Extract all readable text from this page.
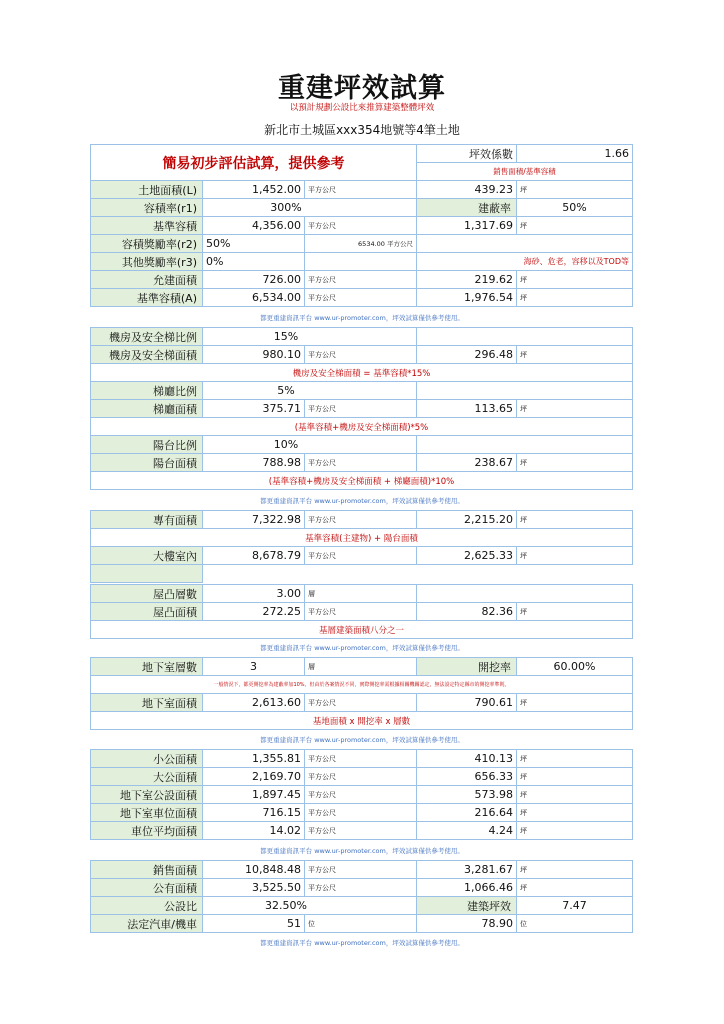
重建坪效試算
以預計規劃公設比來推算建築整體坪效
新北市土城區xxx354地號等4筆土地
簡易初步評估試算，提供參考			坪效係數	1.66
			銷售面積/基準容積	
土地面積(L)	1,452.00	平方公尺	439.23	坪
容積率(r1)	300%		建蔽率	50%
基準容積	4,356.00	平方公尺	1,317.69	坪
容積獎勵率(r2)	50%	6534.00 平方公尺		
其他獎勵率(r3)	0%		海砂、危老，容移以及TOD等	
允建面積	726.00	平方公尺	219.62	坪
基準容積(A)	6,534.00	平方公尺	1,976.54	坪
都更重建資訊平台 www.ur-promoter.com，坪效試算僅供參考使用。
機房及安全梯比例	15%			
機房及安全梯面積	980.10	平方公尺	296.48	坪
機房及安全梯面積 = 基準容積*15%				
梯廳比例	5%			
梯廳面積	375.71	平方公尺	113.65	坪
(基準容積+機房及安全梯面積)*5%				
陽台比例	10%			
陽台面積	788.98	平方公尺	238.67	坪
(基準容積+機房及安全梯面積 + 梯廳面積)*10%				
都更重建資訊平台 www.ur-promoter.com，坪效試算僅供參考使用。
專有面積	7,322.98	平方公尺	2,215.20	坪
基準容積(主建物) + 陽台面積				
大樓室內	8,678.79	平方公尺	2,625.33	坪

屋凸層數	3.00	層		
屋凸面積	272.25	平方公尺	82.36	坪
基層建築面積八分之一				
都更重建資訊平台 www.ur-promoter.com，坪效試算僅供參考使用。
地下室層數	3	層	開挖率	60.00%
一般情況下，都更開挖率為建蔽率加10%，但由於各案情況不同，實際開挖率需根據相關機關認定，無法設定特定縣市的開挖率準則。				
地下室面積	2,613.60	平方公尺	790.61	坪
基地面積 x 開挖率 x 層數				
都更重建資訊平台 www.ur-promoter.com，坪效試算僅供參考使用。
小公面積	1,355.81	平方公尺	410.13	坪
大公面積	2,169.70	平方公尺	656.33	坪
地下室公設面積	1,897.45	平方公尺	573.98	坪
地下室車位面積	716.15	平方公尺	216.64	坪
車位平均面積	14.02	平方公尺	4.24	坪
都更重建資訊平台 www.ur-promoter.com，坪效試算僅供參考使用。
銷售面積	10,848.48	平方公尺	3,281.67	坪
公有面積	3,525.50	平方公尺	1,066.46	坪
公設比	32.50%		建築坪效	7.47
法定汽車/機車	51	位	78.90	位
都更重建資訊平台 www.ur-promoter.com，坪效試算僅供參考使用。
